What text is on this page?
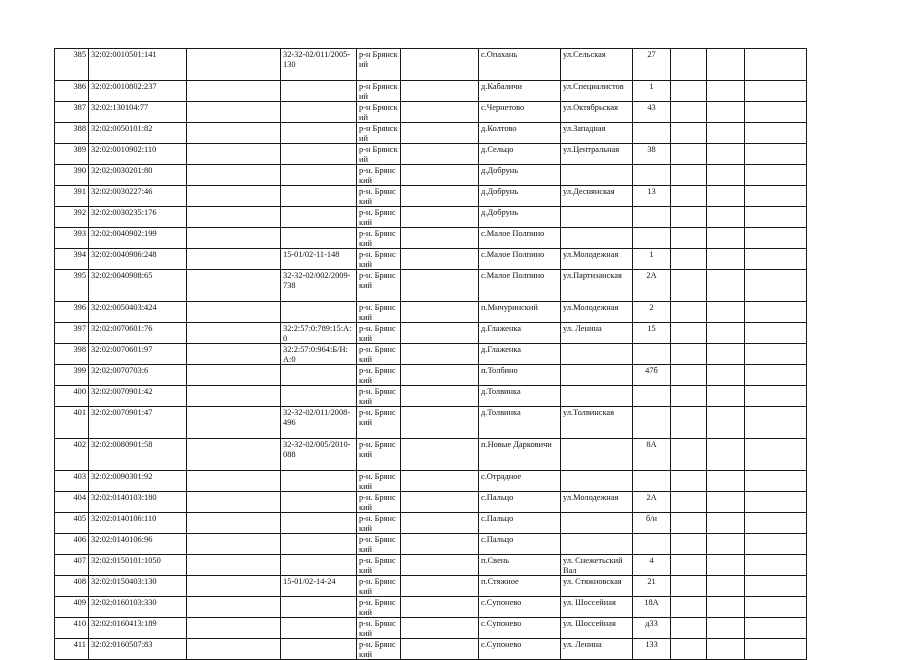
385	32:02:0010501:141		32-32-02/011/2005-130	р-н Брянский		с.Опахань	ул.Сельская	27			
386	32:02:0010802:237			р-н Брянский		д.Кабаличи	ул.Специалистов	1			
387	32:02:130104:77			р-н Брянский		с.Чернетово	ул.Октябрьская	43			
388	32:02:0050101:82			р-н Брянский		д.Колтово	ул.Западная				
389	32:02:0010902:110			р-н Брянский		д.Сельцо	ул.Центральная	38			
390	32:02:0030201:80			р-н. Брянский		д.Добрунь					
391	32:02:0030227:46			р-н. Брянский		д.Добрунь	ул.Деснянская	13			
392	32:02:0030235:176			р-н. Брянский		д.Добрунь					
393	32:02:0040902:199			р-н. Брянский		с.Малое Полпино					
394	32:02:0040906:248		15-01/02-11-148	р-н. Брянский		с.Малое Полпино	ул.Молодежная	1			
395	32:02:0040908:65		32-32-02/002/2009-738	р-н. Брянский		с.Малое Полпино	ул.Партизанская	2А			
396	32:02:0050403:424			р-н. Брянский		п.Мичуринский	ул.Молодежная	2			
397	32:02:0070601:76		32:2:57:0:789:15:А:0	р-н. Брянский		д.Глаженка	ул. Ленина	15			
398	32:02:0070601:97		32:2:57:0:964:Б/Н:А:0	р-н. Брянский		д.Глаженка					
399	32:02:0070703:6			р-н. Брянский		п.Толбино		47б			
400	32:02:0070901:42			р-н. Брянский		д.Толвинка					
401	32:02:0070901:47		32-32-02/011/2008-496	р-н. Брянский		д.Толвинка	ул.Толвинская				
402	32:02:0080901:58		32-32-02/005/2010-088	р-н. Брянский		п.Новые Дарковичи		8А			
403	32:02:0090301:92			р-н. Брянский		с.Отрадное					
404	32:02:0140103:180			р-н. Брянский		с.Пальцо	ул.Молодежная	2А			
405	32:02:0140106:110			р-н. Брянский		с.Пальцо		б/н			
406	32:02:0140106:96			р-н. Брянский		с.Пальцо					
407	32:02:0150101:1050			р-н. Брянский		п.Свень	ул. Снежетьский Вал	4			
408	32:02:0150403:130		15-01/02-14-24	р-н. Брянский		п.Стяжное	ул. Стяжновская	21			
409	32:02:0160103:330			р-н. Брянский		с.Супонево	ул. Шоссейная	18А			
410	32:02:0160413:189			р-н. Брянский		с.Супонево	ул. Шоссейная	д33			
411	32:02:0160507:83			р-н. Брянский		с.Супонево	ул. Ленина	133			
